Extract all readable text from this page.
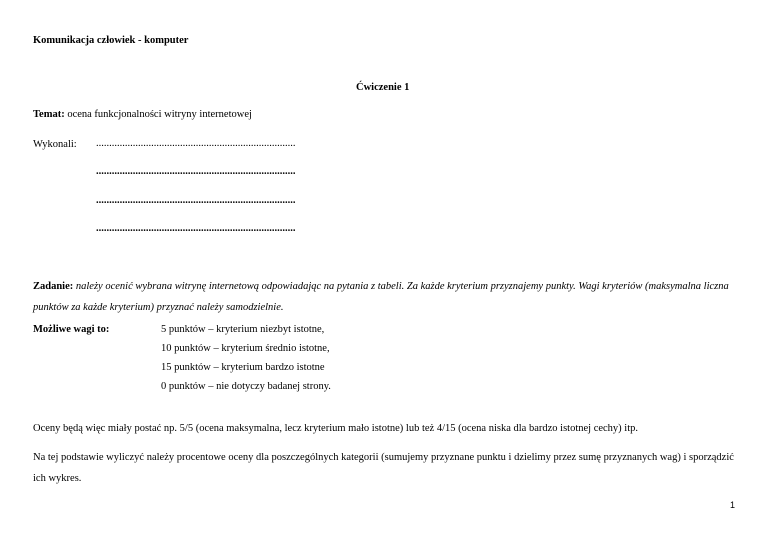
Komunikacja człowiek - komputer
Ćwiczenie 1
Temat: ocena funkcjonalności witryny internetowej
Wykonali: ............................................................................
............................................................................
............................................................................
............................................................................
Zadanie: należy ocenić wybrana witrynę internetową odpowiadając na pytania z tabeli. Za każde kryterium przyznajemy punkty. Wagi kryteriów (maksymalna liczna punktów za każde kryterium) przyznać należy samodzielnie.
Możliwe wagi to:	5 punktów – kryterium niezbyt istotne,
10 punktów – kryterium średnio istotne,
15 punktów – kryterium bardzo istotne
0 punktów – nie dotyczy badanej strony.
Oceny będą więc miały postać np. 5/5 (ocena maksymalna, lecz kryterium mało istotne) lub też 4/15 (ocena niska dla bardzo istotnej cechy) itp.
Na tej podstawie wyliczyć należy procentowe oceny dla poszczególnych kategorii (sumujemy przyznane punktu i dzielimy przez sumę przyznanych wag) i sporządzić ich wykres.
1
